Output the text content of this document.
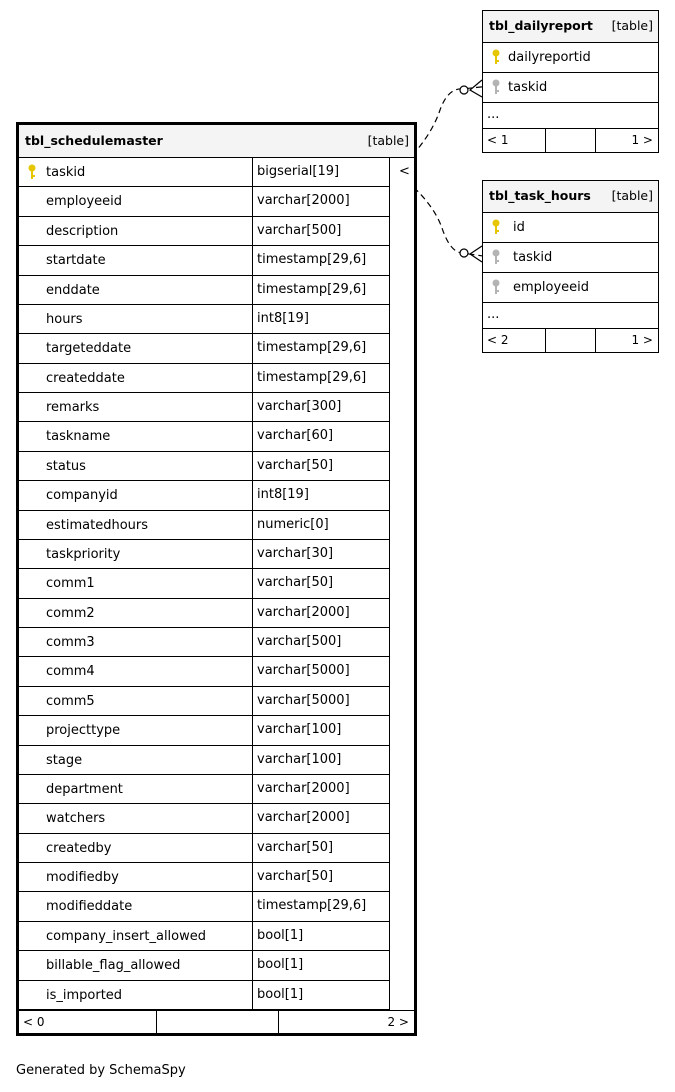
tbl_dailyreport [table]
dailyreportid
taskid
...
< 1	1 >
tbl_task_hours [table]
id
taskid
employeeid
...
< 2	1 >
tbl_schedulemaster	[table]
<
taskid	bigserial[19]
employeeid	varchar[2000]
description	varchar[500]
startdate	timestamp[29,6]
enddate	timestamp[29,6]
hours	int8[19]
targeteddate	timestamp[29,6]
createddate	timestamp[29,6]
remarks	varchar[300]
taskname	varchar[60]
status	varchar[50]
companyid	int8[19]
estimatedhours	numeric[0]
taskpriority	varchar[30]
comm1	varchar[50]
comm2	varchar[2000]
comm3	varchar[500]
comm4	varchar[5000]
comm5	varchar[5000]
projecttype	varchar[100]
stage	varchar[100]
department	varchar[2000]
watchers	varchar[2000]
createdby	varchar[50]
modifiedby	varchar[50]
modifieddate	timestamp[29,6]
company_insert_allowed	bool[1]
billable_flag_allowed	bool[1]
is_imported	bool[1]
< 0	2 >
Generated by SchemaSpy
